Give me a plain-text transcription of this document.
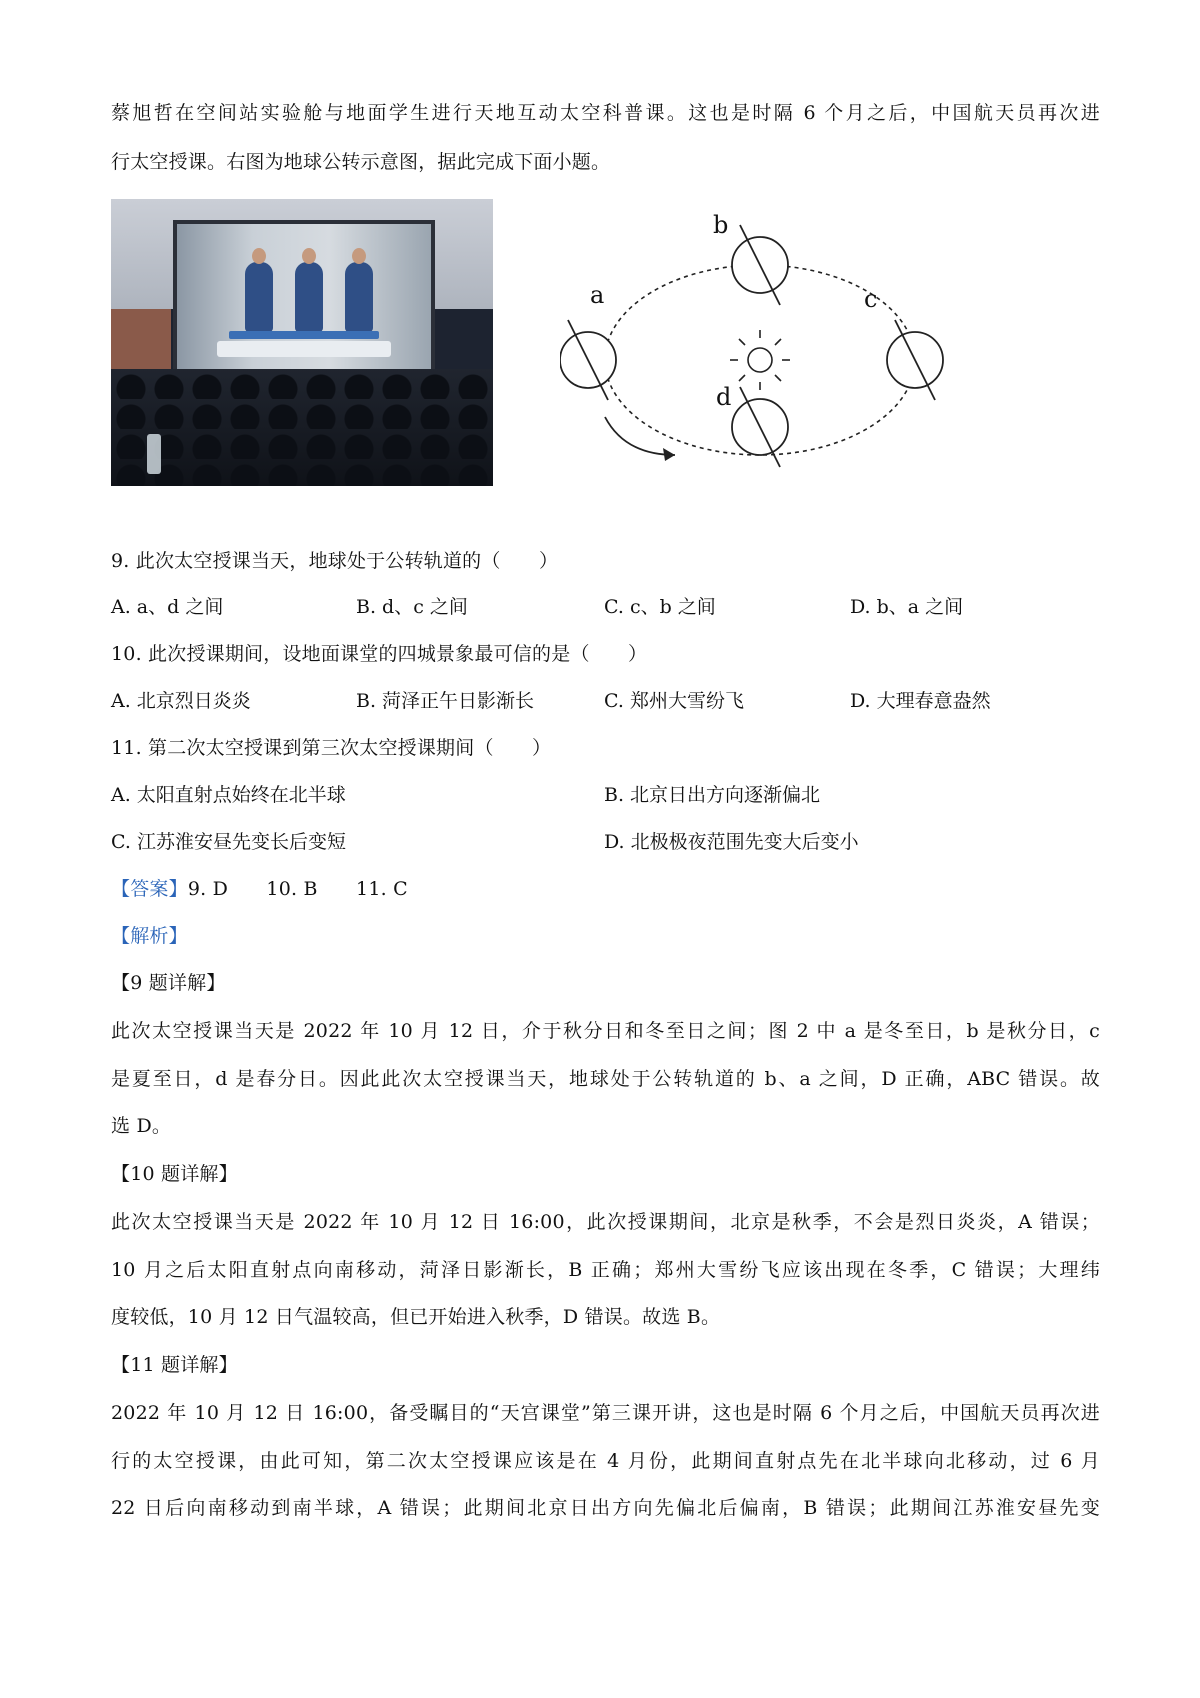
蔡旭哲在空间站实验舱与地面学生进行天地互动太空科普课。这也是时隔 6 个月之后，中国航天员再次进
行太空授课。右图为地球公转示意图，据此完成下面小题。
a
b
c
d
9. 此次太空授课当天，地球处于公转轨道的（　　）
A. a、d 之间	B. d、c 之间	C. c、b 之间	D. b、a 之间
10. 此次授课期间，设地面课堂的四城景象最可信的是（　　）
A. 北京烈日炎炎	B. 菏泽正午日影渐长	C. 郑州大雪纷飞	D. 大理春意盎然
11. 第二次太空授课到第三次太空授课期间（　　）
A. 太阳直射点始终在北半球	B. 北京日出方向逐渐偏北
C. 江苏淮安昼先变长后变短	D. 北极极夜范围先变大后变小
【答案】9. D　　10. B　　11. C
【解析】
【9 题详解】
此次太空授课当天是 2022 年 10 月 12 日，介于秋分日和冬至日之间；图 2 中 a 是冬至日，b 是秋分日，c
是夏至日，d 是春分日。因此此次太空授课当天，地球处于公转轨道的 b、a 之间，D 正确，ABC 错误。故
选 D。
【10 题详解】
此次太空授课当天是 2022 年 10 月 12 日 16:00，此次授课期间，北京是秋季，不会是烈日炎炎，A 错误；
10 月之后太阳直射点向南移动，菏泽日影渐长，B 正确；郑州大雪纷飞应该出现在冬季，C 错误；大理纬
度较低，10 月 12 日气温较高，但已开始进入秋季，D 错误。故选 B。
【11 题详解】
2022 年 10 月 12 日 16:00，备受瞩目的“天宫课堂”第三课开讲，这也是时隔 6 个月之后，中国航天员再次进
行的太空授课，由此可知，第二次太空授课应该是在 4 月份，此期间直射点先在北半球向北移动，过 6 月
22 日后向南移动到南半球，A 错误；此期间北京日出方向先偏北后偏南，B 错误；此期间江苏淮安昼先变
